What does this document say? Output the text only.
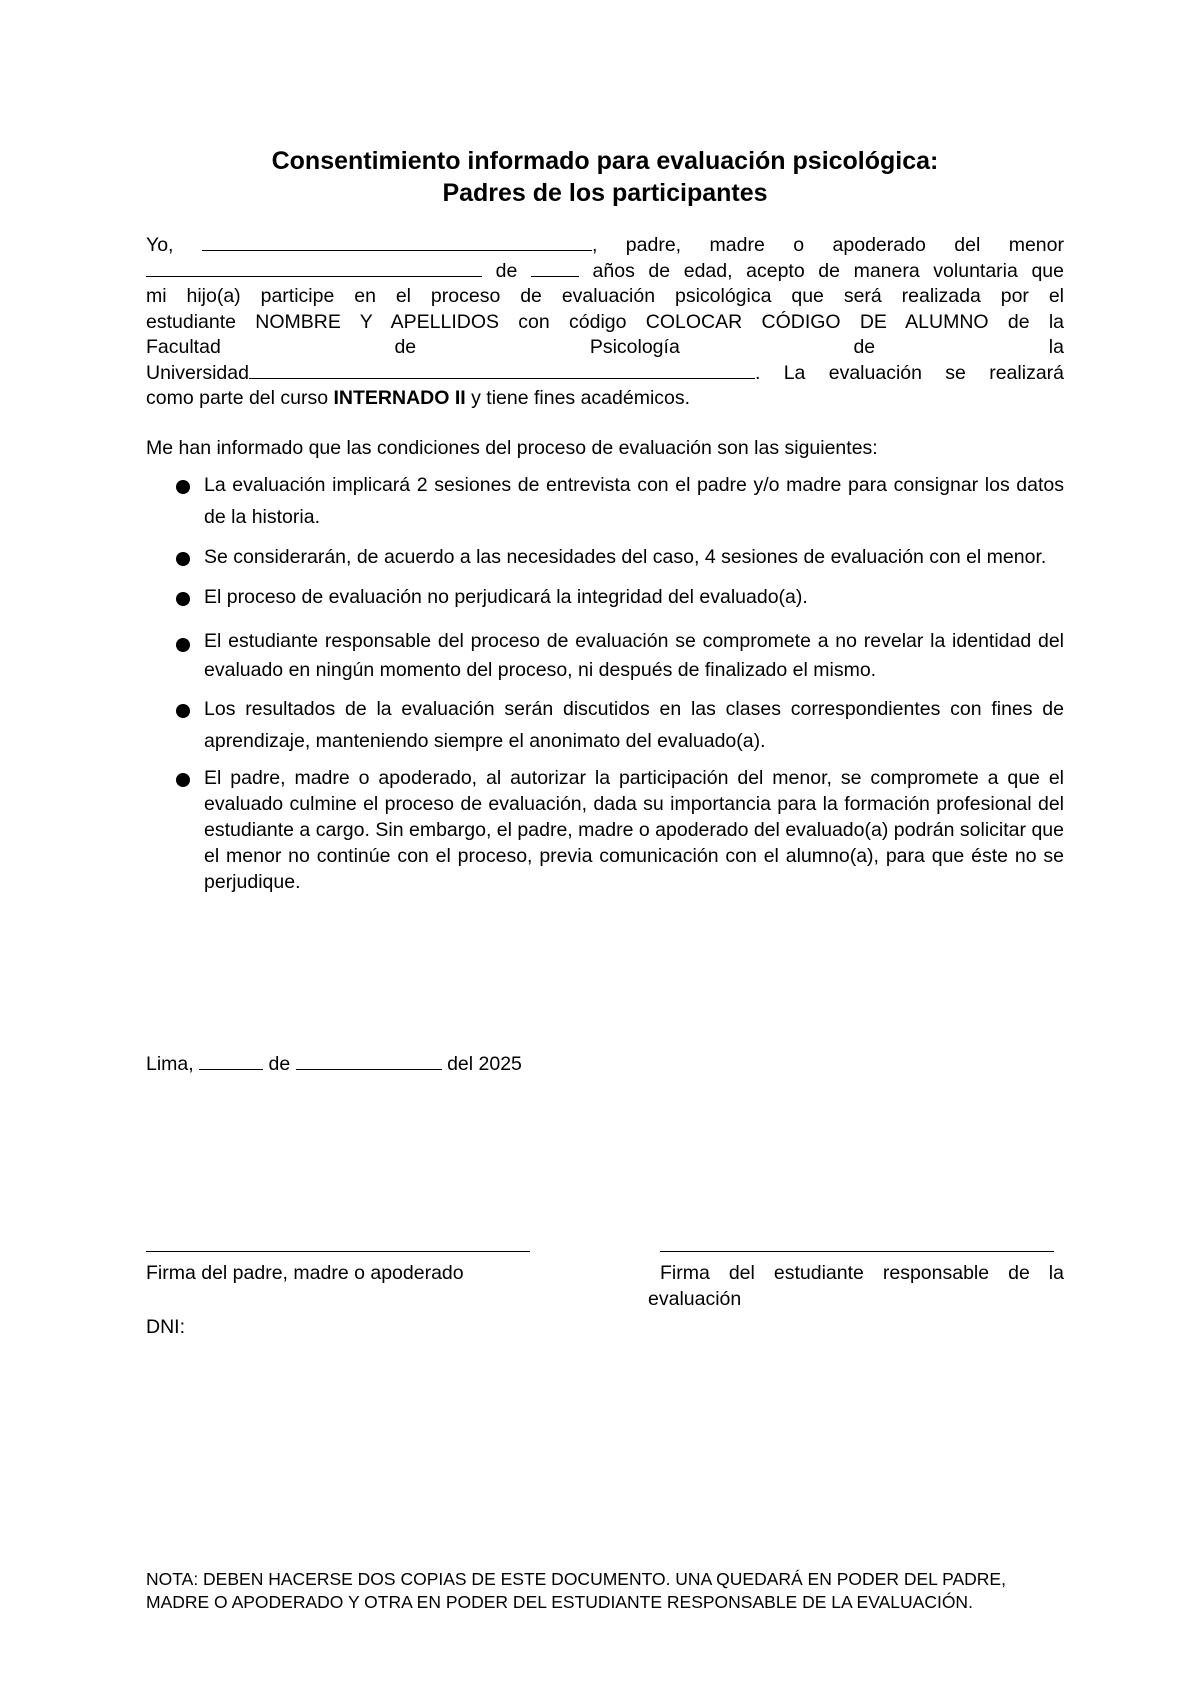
Consentimiento informado para evaluación psicológica:
Padres de los participantes
Yo,	, padre, madre o apoderado del menor
de	años de edad, acepto de manera voluntaria que
mi hijo(a) participe en el proceso de evaluación psicológica que será realizada por el
estudiante NOMBRE Y APELLIDOS con código COLOCAR CÓDIGO DE ALUMNO de la
Facultad de Psicología de la
Universidad	. La evaluación se realizará
como parte del curso INTERNADO II y tiene fines académicos.

Me han informado que las condiciones del proceso de evaluación son las siguientes:

La evaluación implicará 2 sesiones de entrevista con el padre y/o madre para consignar los datos de la historia.
Se considerarán, de acuerdo a las necesidades del caso, 4 sesiones de evaluación con el menor.
El proceso de evaluación no perjudicará la integridad del evaluado(a).
El estudiante responsable del proceso de evaluación se compromete a no revelar la identidad del evaluado en ningún momento del proceso, ni después de finalizado el mismo.
Los resultados de la evaluación serán discutidos en las clases correspondientes con fines de aprendizaje, manteniendo siempre el anonimato del evaluado(a).
El padre, madre o apoderado, al autorizar la participación del menor, se compromete a que el evaluado culmine el proceso de evaluación, dada su importancia para la formación profesional del estudiante a cargo. Sin embargo, el padre, madre o apoderado del evaluado(a) podrán solicitar que el menor no continúe con el proceso, previa comunicación con el alumno(a), para que éste no se perjudique.
Lima,	de	del 2025
Firma del padre, madre o apoderado	Firma del estudiante responsable de la
evaluación
DNI:
NOTA: DEBEN HACERSE DOS COPIAS DE ESTE DOCUMENTO. UNA QUEDARÁ EN PODER DEL PADRE, MADRE O APODERADO Y OTRA EN PODER DEL ESTUDIANTE RESPONSABLE DE LA EVALUACIÓN.
